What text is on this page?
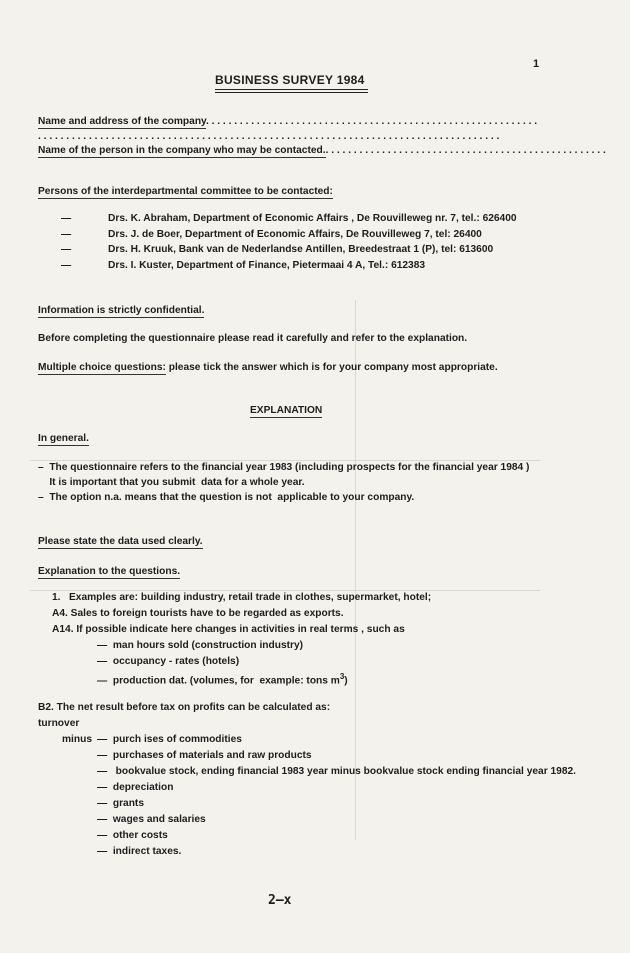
1
BUSINESS SURVEY 1984
Name and address of the company. . . . . . . . . . . . . . . . . . . . . . . . . . . . . . . . . . . . . . . . . . . . . . . . . . . . . . . . . . .
. . . . . . . . . . . . . . . . . . . . . . . . . . . . . . . . . . . . . . . . . . . . . . . . . . . . . . . . . . . . . . . . . . . . . . . . . . . . . . . . . .
Name of the person in the company who may be contacted.. . . . . . . . . . . . . . . . . . . . . . . . . . . . . . . . . . . . . . . . . . . . . . . . . .
Persons of the interdepartmental committee to be contacted:
—	Drs. K. Abraham, Department of Economic Affairs , De Rouvilleweg nr. 7, tel.: 626400
—	Drs. J. de Boer, Department of Economic Affairs, De Rouvilleweg 7, tel: 26400
—	Drs. H. Kruuk, Bank van de Nederlandse Antillen, Breedestraat 1 (P), tel: 613600
—	Drs. I. Kuster, Department of Finance, Pietermaai 4 A, Tel.: 612383
Information is strictly confidential.
Before completing the questionnaire please read it carefully and refer to the explanation.
Multiple choice questions: please tick the answer which is for your company most appropriate.
EXPLANATION
In general.
–  The questionnaire refers to the financial year 1983 (including prospects for the financial year 1984 )
It is important that you submit  data for a whole year.
–  The option n.a. means that the question is not  applicable to your company.
Please state the data used clearly.
Explanation to the questions.
1.   Examples are: building industry, retail trade in clothes, supermarket, hotel;
A4. Sales to foreign tourists have to be regarded as exports.
A14. If possible indicate here changes in activities in real terms , such as
—  man hours sold (construction industry)
—  occupancy - rates (hotels)
—  production dat. (volumes, for  example: tons $m^3$)
B2. The net result before tax on profits can be calculated as:
turnover
minus —  purch ises of commodities
—  purchases of materials and raw products
—   bookvalue stock, ending financial 1983 year minus bookvalue stock ending financial year 1982.
—  depreciation
—  grants
—  wages and salaries
—  other costs
—  indirect taxes.
2–x
